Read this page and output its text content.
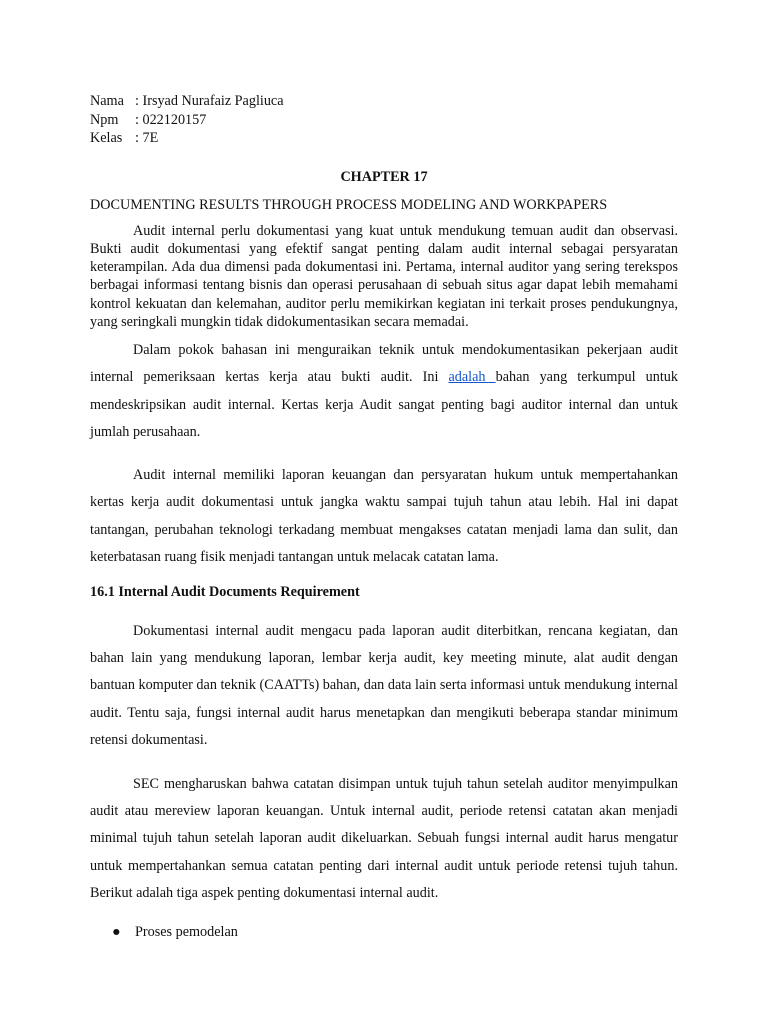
Nama : Irsyad Nurafaiz Pagliuca
Npm	: 022120157
Kelas : 7E
CHAPTER 17
DOCUMENTING RESULTS THROUGH PROCESS MODELING AND WORKPAPERS

Audit internal perlu dokumentasi yang kuat untuk mendukung temuan audit dan observasi. Bukti audit dokumentasi yang efektif sangat penting dalam audit internal sebagai persyaratan keterampilan. Ada dua dimensi pada dokumentasi ini. Pertama, internal auditor yang sering terekspos berbagai informasi tentang bisnis dan operasi perusahaan di sebuah situs agar dapat lebih memahami kontrol kekuatan dan kelemahan, auditor perlu memikirkan kegiatan ini terkait proses pendukungnya, yang seringkali mungkin tidak didokumentasikan secara memadai.

Dalam pokok bahasan ini menguraikan teknik untuk mendokumentasikan pekerjaan audit internal pemeriksaan kertas kerja atau bukti audit. Ini adalah bahan yang terkumpul untuk mendeskripsikan audit internal. Kertas kerja Audit sangat penting bagi auditor internal dan untuk jumlah perusahaan.

Audit internal memiliki laporan keuangan dan persyaratan hukum untuk mempertahankan kertas kerja audit dokumentasi untuk jangka waktu sampai tujuh tahun atau lebih. Hal ini dapat tantangan, perubahan teknologi terkadang membuat mengakses catatan menjadi lama dan sulit, dan keterbatasan ruang fisik menjadi tantangan untuk melacak catatan lama.

16.1 Internal Audit Documents Requirement

Dokumentasi internal audit mengacu pada laporan audit diterbitkan, rencana kegiatan, dan bahan lain yang mendukung laporan, lembar kerja audit, key meeting minute, alat audit dengan bantuan komputer dan teknik (CAATTs) bahan, dan data lain serta informasi untuk mendukung internal audit. Tentu saja, fungsi internal audit harus menetapkan dan mengikuti beberapa standar minimum retensi dokumentasi.

SEC mengharuskan bahwa catatan disimpan untuk tujuh tahun setelah auditor menyimpulkan audit atau mereview laporan keuangan. Untuk internal audit, periode retensi catatan akan menjadi minimal tujuh tahun setelah laporan audit dikeluarkan. Sebuah fungsi internal audit harus mengatur untuk mempertahankan semua catatan penting dari internal audit untuk periode retensi tujuh tahun. Berikut adalah tiga aspek penting dokumentasi internal audit.

●	Proses pemodelan
